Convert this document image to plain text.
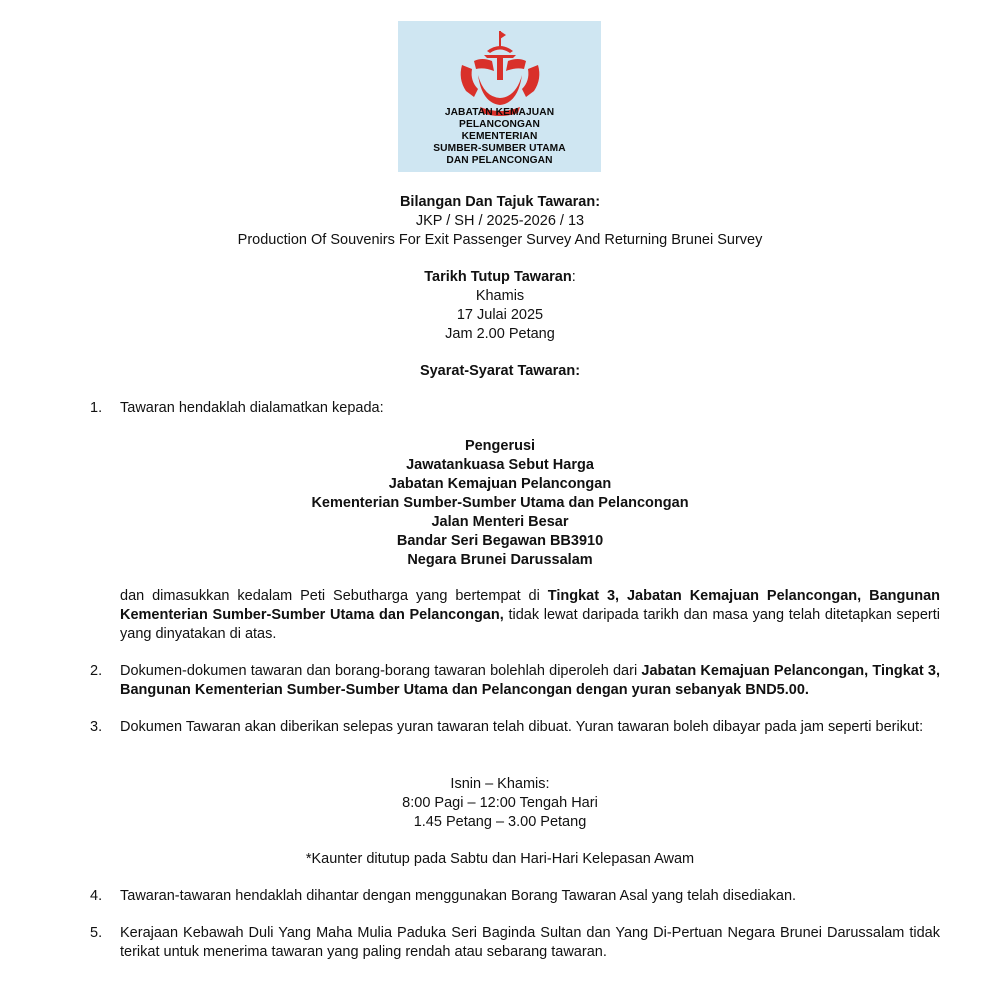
JABATAN KEMAJUAN
PELANCONGAN
KEMENTERIAN
SUMBER-SUMBER UTAMA
DAN PELANCONGAN
Bilangan Dan Tajuk Tawaran:
JKP / SH / 2025-2026 / 13
Production Of Souvenirs For Exit Passenger Survey And Returning Brunei Survey
Tarikh Tutup Tawaran:
Khamis
17 Julai 2025
Jam 2.00 Petang
Syarat-Syarat Tawaran:
1. Tawaran hendaklah dialamatkan kepada:
Pengerusi
Jawatankuasa Sebut Harga
Jabatan Kemajuan Pelancongan
Kementerian Sumber-Sumber Utama dan Pelancongan
Jalan Menteri Besar
Bandar Seri Begawan BB3910
Negara Brunei Darussalam
dan dimasukkan kedalam Peti Sebutharga yang bertempat di Tingkat 3, Jabatan Kemajuan Pelancongan, Bangunan Kementerian Sumber-Sumber Utama dan Pelancongan, tidak lewat daripada tarikh dan masa yang telah ditetapkan seperti yang dinyatakan di atas.
2. Dokumen-dokumen tawaran dan borang-borang tawaran bolehlah diperoleh dari Jabatan Kemajuan Pelancongan, Tingkat 3, Bangunan Kementerian Sumber-Sumber Utama dan Pelancongan dengan yuran sebanyak BND5.00.
3. Dokumen Tawaran akan diberikan selepas yuran tawaran telah dibuat. Yuran tawaran boleh dibayar pada jam seperti berikut:
Isnin – Khamis:
8:00 Pagi – 12:00 Tengah Hari
1.45 Petang – 3.00 Petang
*Kaunter ditutup pada Sabtu dan Hari-Hari Kelepasan Awam
4. Tawaran-tawaran hendaklah dihantar dengan menggunakan Borang Tawaran Asal yang telah disediakan.
5. Kerajaan Kebawah Duli Yang Maha Mulia Paduka Seri Baginda Sultan dan Yang Di-Pertuan Negara Brunei Darussalam tidak terikat untuk menerima tawaran yang paling rendah atau sebarang tawaran.
